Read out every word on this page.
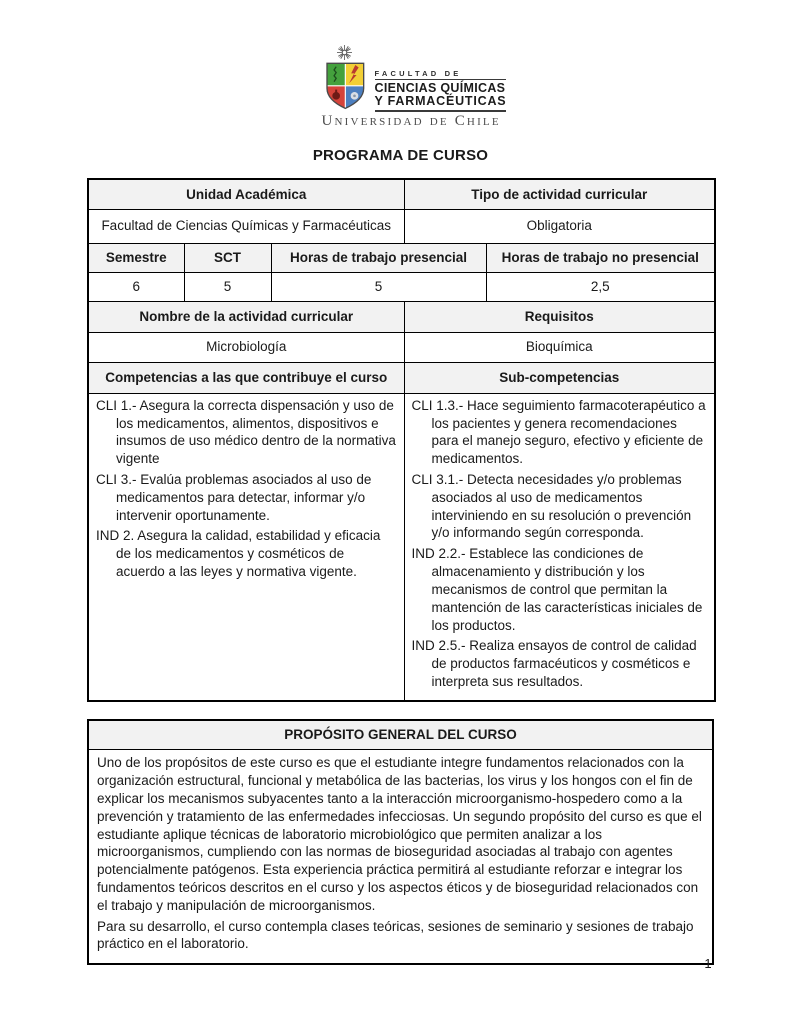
FACULTAD DE
CIENCIAS QUÍMICAS
Y FARMACÉUTICAS
Universidad de Chile
PROGRAMA DE CURSO
Unidad Académica			Tipo de actividad curricular	
Facultad de Ciencias Químicas y Farmacéuticas			Obligatoria	
Semestre	SCT	Horas de trabajo presencial		Horas de trabajo no presencial
6	5	5		2,5
Nombre de la actividad curricular			Requisitos	
Microbiología			Bioquímica	
Competencias a las que contribuye el curso			Sub-competencias	

CLI 1.- Asegura la correcta dispensación y uso de los medicamentos, alimentos, dispositivos e insumos de uso médico dentro de la normativa vigente
CLI 3.- Evalúa problemas asociados al uso de medicamentos para detectar, informar y/o intervenir oportunamente.
IND 2. Asegura la calidad, estabilidad y eficacia de los medicamentos y cosméticos de acuerdo a las leyes y normativa vigente.

CLI 1.3.- Hace seguimiento farmacoterapéutico a los pacientes y genera recomendaciones para el manejo seguro, efectivo y eficiente de medicamentos.
CLI 3.1.- Detecta necesidades y/o problemas asociados al uso de medicamentos interviniendo en su resolución o prevención y/o informando según corresponda.
IND 2.2.- Establece las condiciones de almacenamiento y distribución y los mecanismos de control que permitan la mantención de las características iniciales de los productos.
IND 2.5.- Realiza ensayos de control de calidad de productos farmacéuticos y cosméticos e interpreta sus resultados.
PROPÓSITO GENERAL DEL CURSO

Uno de los propósitos de este curso es que el estudiante integre fundamentos relacionados con la organización estructural, funcional y metabólica de las bacterias, los virus y los hongos con el fin de explicar los mecanismos subyacentes tanto a la interacción microorganismo-hospedero como a la prevención y tratamiento de las enfermedades infecciosas. Un segundo propósito del curso es que el estudiante aplique técnicas de laboratorio microbiológico que permiten analizar a los microorganismos, cumpliendo con las normas de bioseguridad asociadas al trabajo con agentes potencialmente patógenos. Esta experiencia práctica permitirá al estudiante reforzar e integrar los fundamentos teóricos descritos en el curso y los aspectos éticos y de bioseguridad relacionados con el trabajo y manipulación de microorganismos.

Para su desarrollo, el curso contempla clases teóricas, sesiones de seminario y sesiones de trabajo práctico en el laboratorio.

1
